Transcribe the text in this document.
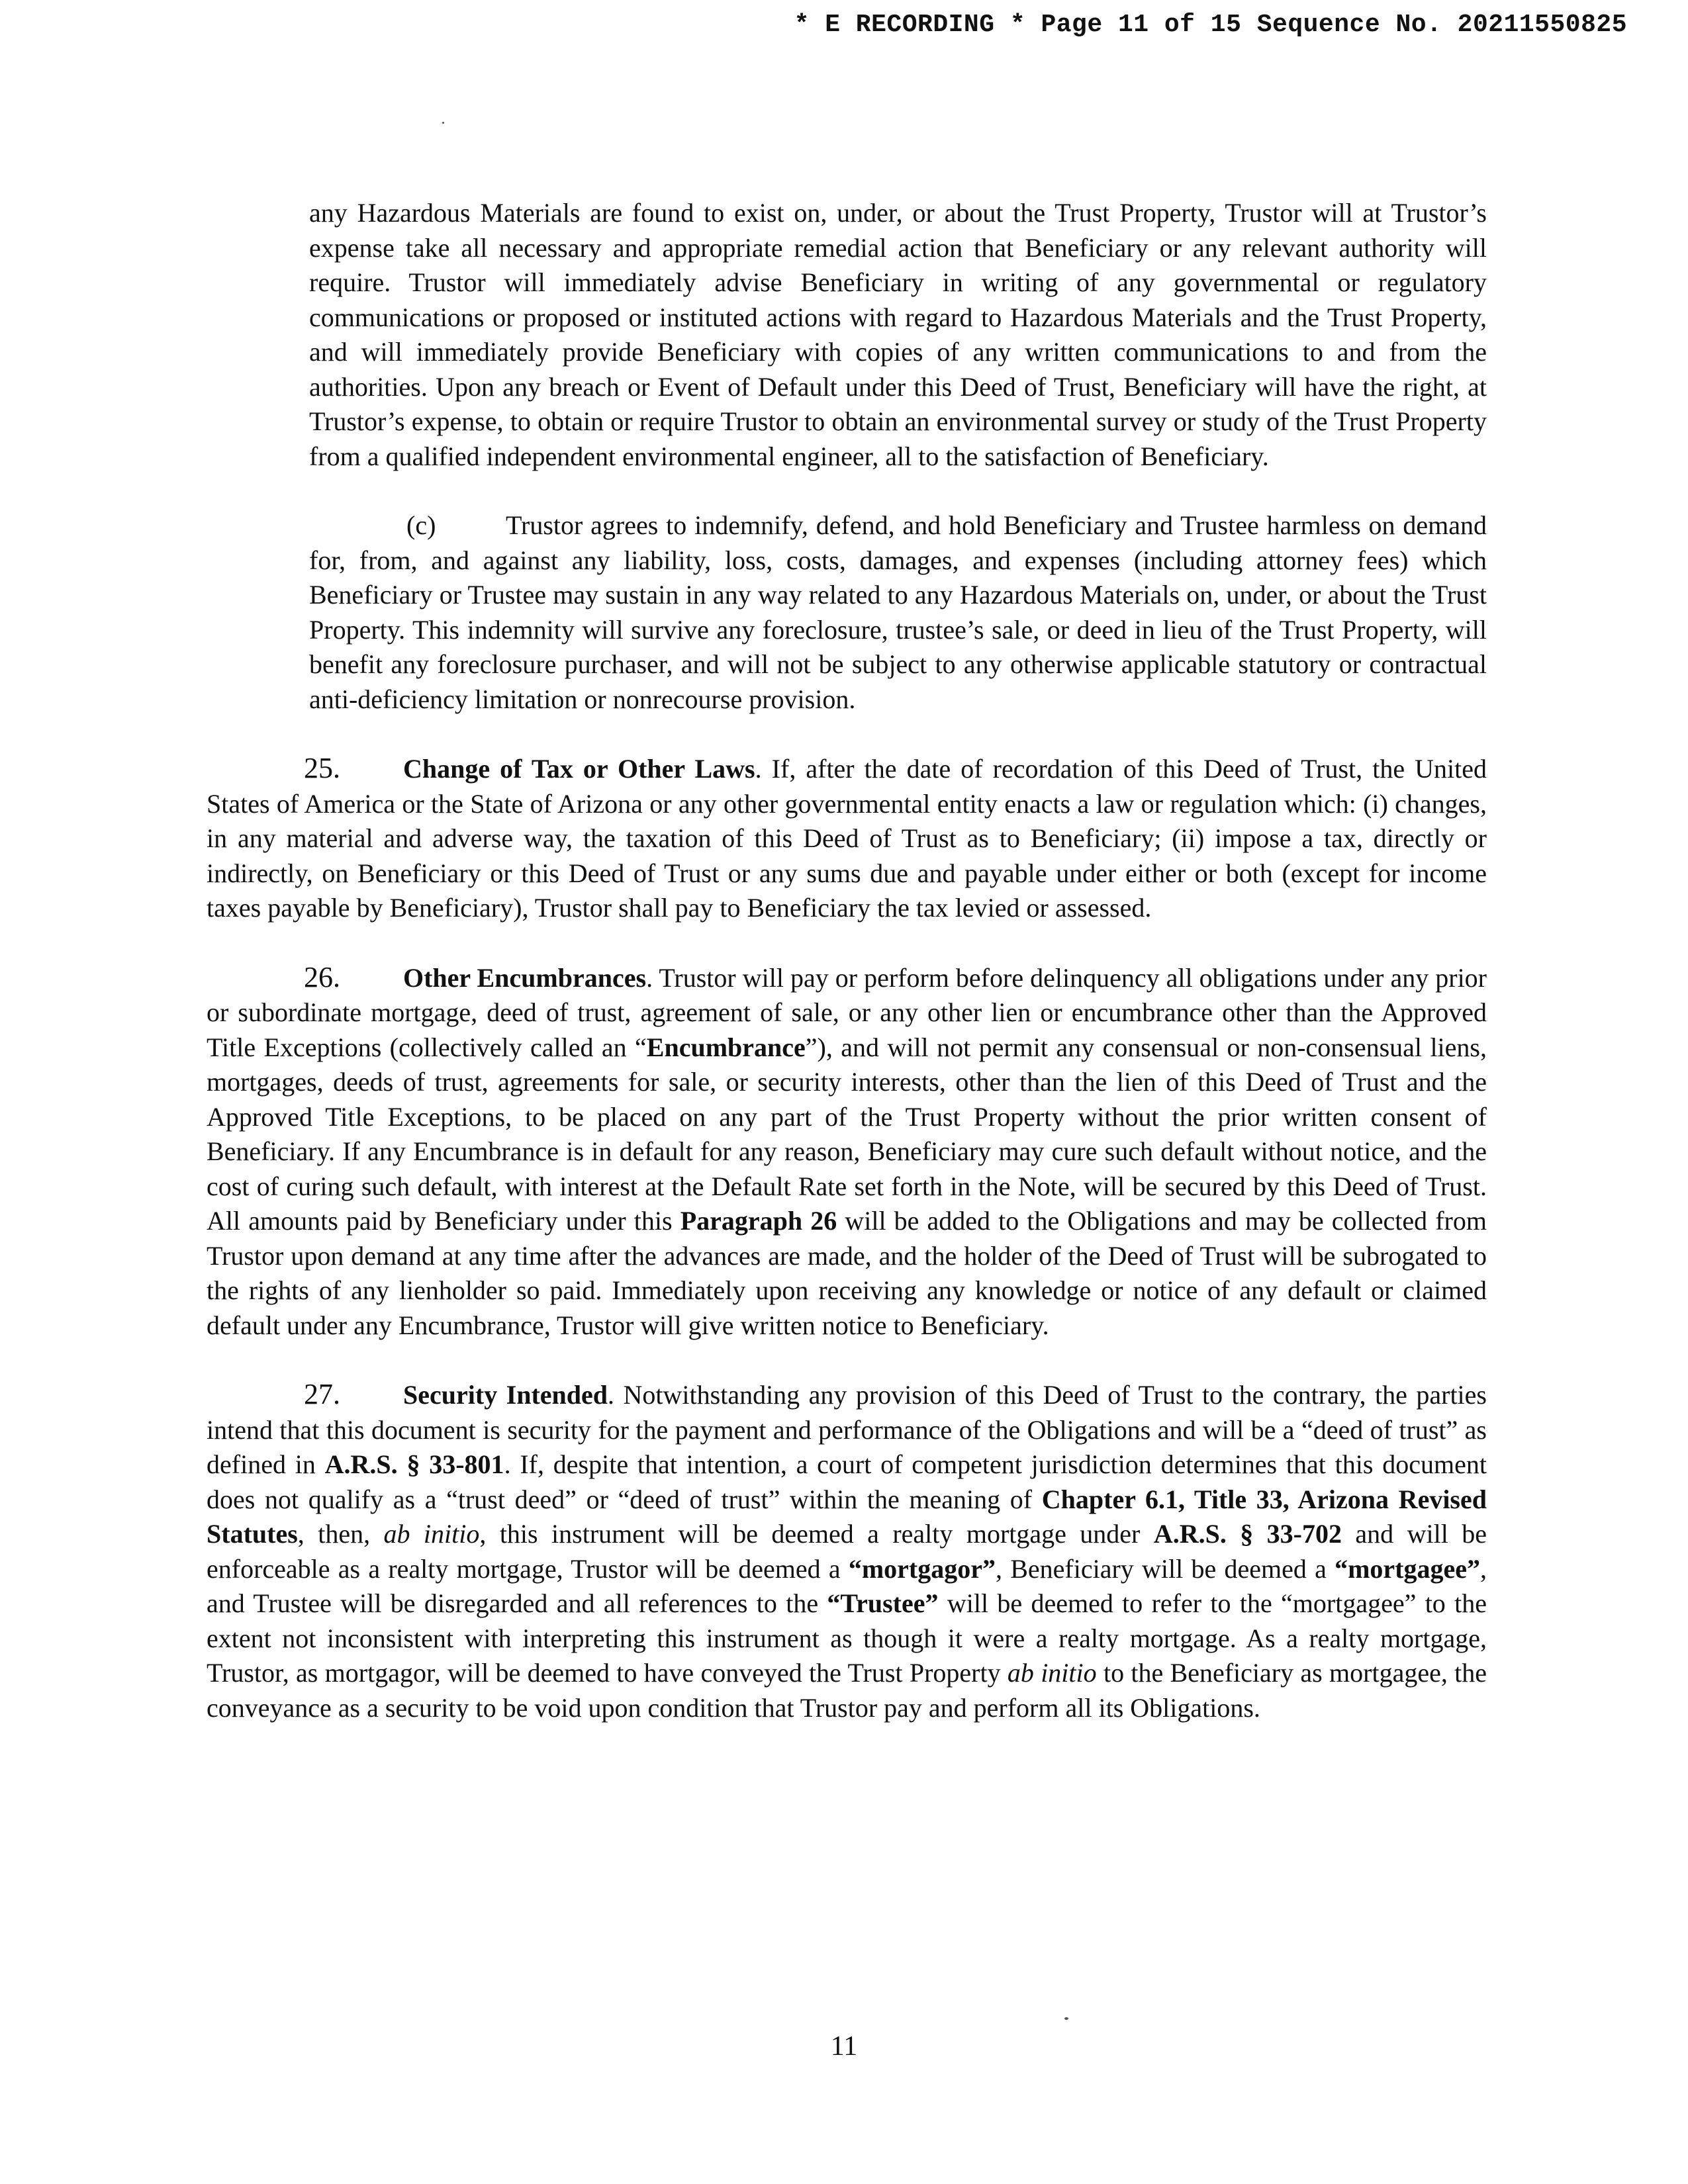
* E RECORDING * Page 11 of 15 Sequence No. 20211550825

any Hazardous Materials are found to exist on, under, or about the Trust Property, Trustor will at Trustor’s expense take all necessary and appropriate remedial action that Beneficiary or any relevant authority will require. Trustor will immediately advise Beneficiary in writing of any governmental or regulatory communications or proposed or instituted actions with regard to Hazardous Materials and the Trust Property, and will immediately provide Beneficiary with copies of any written communications to and from the authorities. Upon any breach or Event of Default under this Deed of Trust, Beneficiary will have the right, at Trustor’s expense, to obtain or require Trustor to obtain an environmental survey or study of the Trust Property from a qualified independent environmental engineer, all to the satisfaction of Beneficiary.

(c)	Trustor agrees to indemnify, defend, and hold Beneficiary and Trustee harmless on demand for, from, and against any liability, loss, costs, damages, and expenses (including attorney fees) which Beneficiary or Trustee may sustain in any way related to any Hazardous Materials on, under, or about the Trust Property. This indemnity will survive any foreclosure, trustee’s sale, or deed in lieu of the Trust Property, will benefit any foreclosure purchaser, and will not be subject to any otherwise applicable statutory or contractual anti-deficiency limitation or nonrecourse provision.

25. Change of Tax or Other Laws. If, after the date of recordation of this Deed of Trust, the United States of America or the State of Arizona or any other governmental entity enacts a law or regulation which: (i) changes, in any material and adverse way, the taxation of this Deed of Trust as to Beneficiary; (ii) impose a tax, directly or indirectly, on Beneficiary or this Deed of Trust or any sums due and payable under either or both (except for income taxes payable by Beneficiary), Trustor shall pay to Beneficiary the tax levied or assessed.

26. Other Encumbrances. Trustor will pay or perform before delinquency all obligations under any prior or subordinate mortgage, deed of trust, agreement of sale, or any other lien or encumbrance other than the Approved Title Exceptions (collectively called an “Encumbrance”), and will not permit any consensual or non-consensual liens, mortgages, deeds of trust, agreements for sale, or security interests, other than the lien of this Deed of Trust and the Approved Title Exceptions, to be placed on any part of the Trust Property without the prior written consent of Beneficiary. If any Encumbrance is in default for any reason, Beneficiary may cure such default without notice, and the cost of curing such default, with interest at the Default Rate set forth in the Note, will be secured by this Deed of Trust. All amounts paid by Beneficiary under this Paragraph 26 will be added to the Obligations and may be collected from Trustor upon demand at any time after the advances are made, and the holder of the Deed of Trust will be subrogated to the rights of any lienholder so paid. Immediately upon receiving any knowledge or notice of any default or claimed default under any Encumbrance, Trustor will give written notice to Beneficiary.

27. Security Intended. Notwithstanding any provision of this Deed of Trust to the contrary, the parties intend that this document is security for the payment and performance of the Obligations and will be a “deed of trust” as defined in A.R.S. § 33-801. If, despite that intention, a court of competent jurisdiction determines that this document does not qualify as a “trust deed” or “deed of trust” within the meaning of Chapter 6.1, Title 33, Arizona Revised Statutes, then, ab initio, this instrument will be deemed a realty mortgage under A.R.S. § 33-702 and will be enforceable as a realty mortgage, Trustor will be deemed a “mortgagor”, Beneficiary will be deemed a “mortgagee”, and Trustee will be disregarded and all references to the “Trustee” will be deemed to refer to the “mortgagee” to the extent not inconsistent with interpreting this instrument as though it were a realty mortgage. As a realty mortgage, Trustor, as mortgagor, will be deemed to have conveyed the Trust Property ab initio to the Beneficiary as mortgagee, the conveyance as a security to be void upon condition that Trustor pay and perform all its Obligations.

11
